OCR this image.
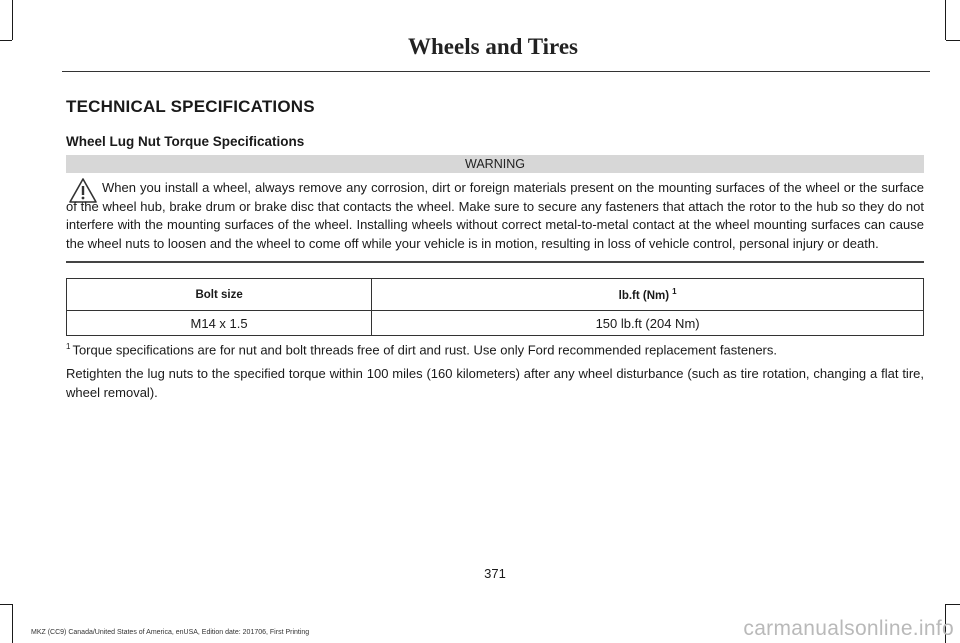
Wheels and Tires
TECHNICAL SPECIFICATIONS
Wheel Lug Nut Torque Specifications
WARNING
When you install a wheel, always remove any corrosion, dirt or foreign materials present on the mounting surfaces of the wheel or the surface of the wheel hub, brake drum or brake disc that contacts the wheel. Make sure to secure any fasteners that attach the rotor to the hub so they do not interfere with the mounting surfaces of the wheel. Installing wheels without correct metal-to-metal contact at the wheel mounting surfaces can cause the wheel nuts to loosen and the wheel to come off while your vehicle is in motion, resulting in loss of vehicle control, personal injury or death.
Bolt size	lb.ft (Nm) $^1$
M14 x 1.5	150 lb.ft (204 Nm)
$^1$ Torque specifications are for nut and bolt threads free of dirt and rust. Use only Ford recommended replacement fasteners.
Retighten the lug nuts to the specified torque within 100 miles (160 kilometers) after any wheel disturbance (such as tire rotation, changing a flat tire, wheel removal).
371
MKZ (CC9) Canada/United States of America, enUSA, Edition date: 201706, First Printing	carmanualsonline.info
